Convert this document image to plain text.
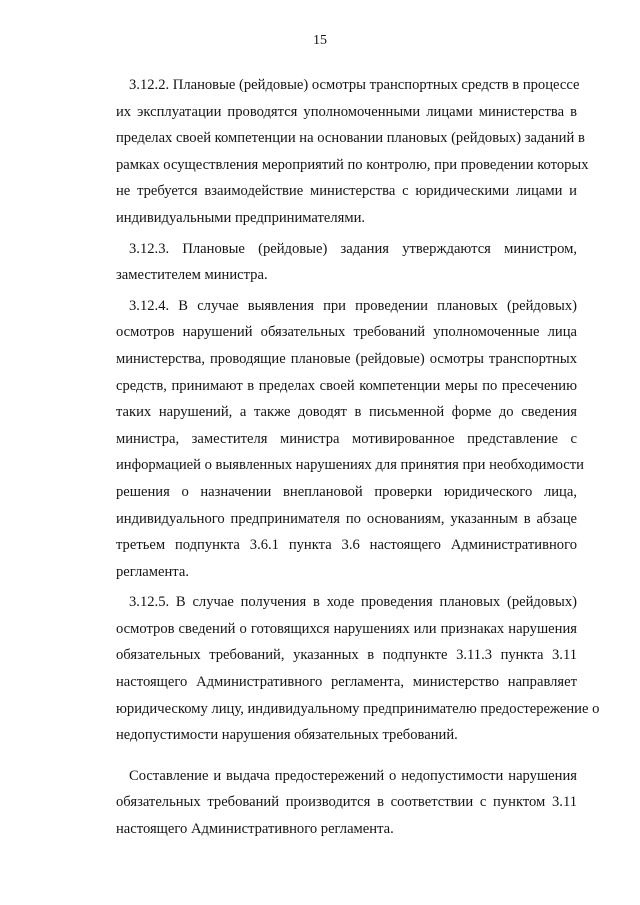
15
3.12.2. Плановые (рейдовые) осмотры транспортных средств в процессе
их эксплуатации проводятся уполномоченными лицами министерства в
пределах своей компетенции на основании плановых (рейдовых) заданий в
рамках осуществления мероприятий по контролю, при проведении которых
не требуется взаимодействие министерства с юридическими лицами и
индивидуальными предпринимателями.
3.12.3. Плановые (рейдовые) задания утверждаются министром,
заместителем министра.
3.12.4. В случае выявления при проведении плановых (рейдовых)
осмотров нарушений обязательных требований уполномоченные лица
министерства, проводящие плановые (рейдовые) осмотры транспортных
средств, принимают в пределах своей компетенции меры по пресечению
таких нарушений, а также доводят в письменной форме до сведения
министра, заместителя министра мотивированное представление с
информацией о выявленных нарушениях для принятия при необходимости
решения о назначении внеплановой проверки юридического лица,
индивидуального предпринимателя по основаниям, указанным в абзаце
третьем подпункта 3.6.1 пункта 3.6 настоящего Административного
регламента.
3.12.5. В случае получения в ходе проведения плановых (рейдовых)
осмотров сведений о готовящихся нарушениях или признаках нарушения
обязательных требований, указанных в подпункте 3.11.3 пункта 3.11
настоящего Административного регламента, министерство направляет
юридическому лицу, индивидуальному предпринимателю предостережение о
недопустимости нарушения обязательных требований.
Составление и выдача предостережений о недопустимости нарушения
обязательных требований производится в соответствии с пунктом 3.11
настоящего Административного регламента.
